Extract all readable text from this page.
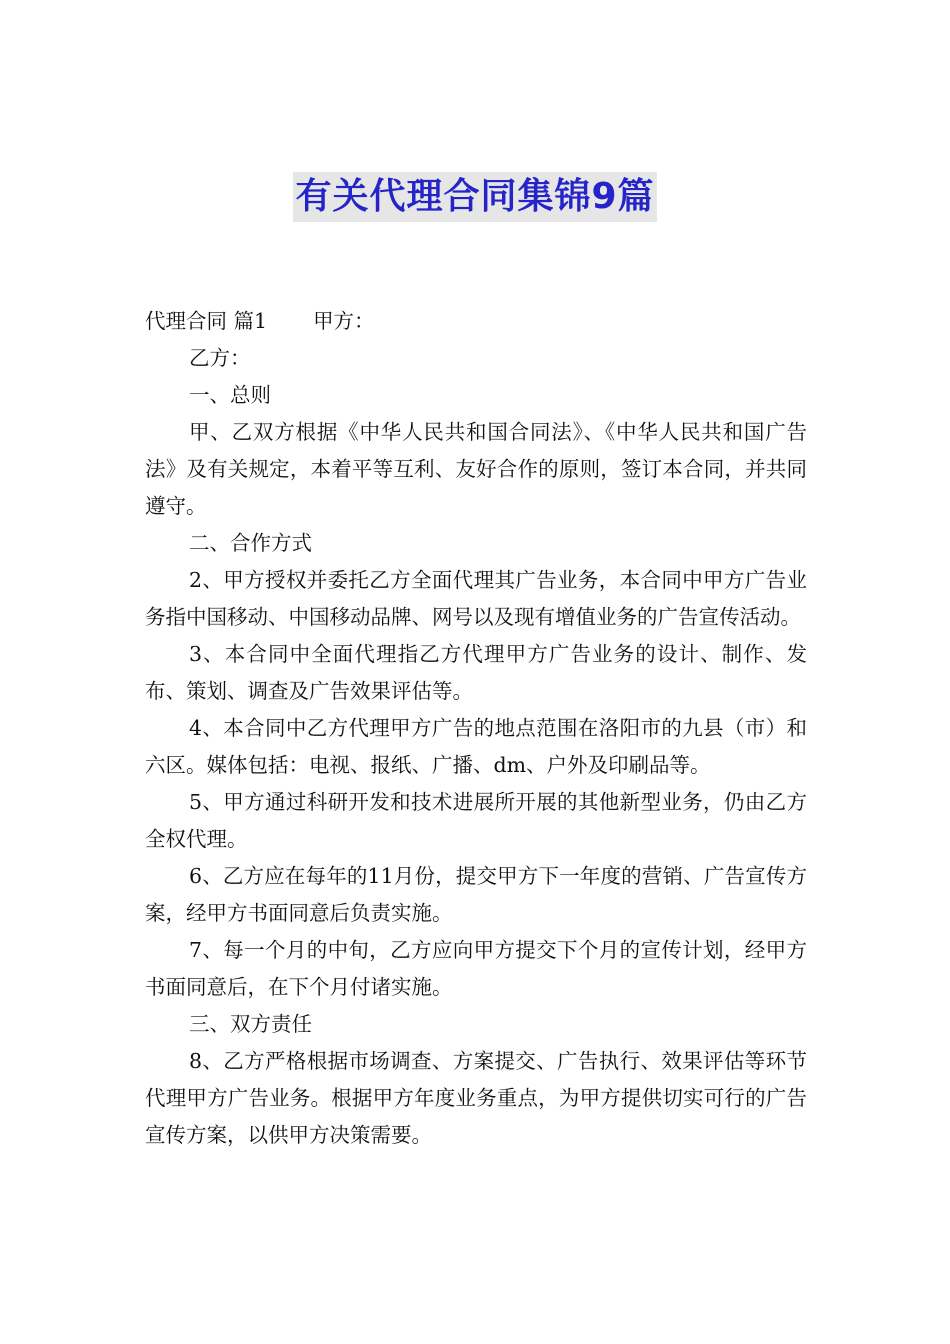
有关代理合同集锦9篇

代理合同 篇1 甲方：

乙方：

一、总则

甲、乙双方根据《中华人民共和国合同法》、《中华人民共和国广告法》及有关规定，本着平等互利、友好合作的原则，签订本合同，并共同遵守。

二、合作方式

2、甲方授权并委托乙方全面代理其广告业务，本合同中甲方广告业务指中国移动、中国移动品牌、网号以及现有增值业务的广告宣传活动。

3、本合同中全面代理指乙方代理甲方广告业务的设计、制作、发布、策划、调查及广告效果评估等。

4、本合同中乙方代理甲方广告的地点范围在洛阳市的九县（市）和六区。媒体包括：电视、报纸、广播、dm、户外及印刷品等。

5、甲方通过科研开发和技术进展所开展的其他新型业务，仍由乙方全权代理。

6、乙方应在每年的11月份，提交甲方下一年度的营销、广告宣传方案，经甲方书面同意后负责实施。

7、每一个月的中旬，乙方应向甲方提交下个月的宣传计划，经甲方书面同意后，在下个月付诸实施。

三、双方责任

8、乙方严格根据市场调查、方案提交、广告执行、效果评估等环节代理甲方广告业务。根据甲方年度业务重点，为甲方提供切实可行的广告宣传方案，以供甲方决策需要。
